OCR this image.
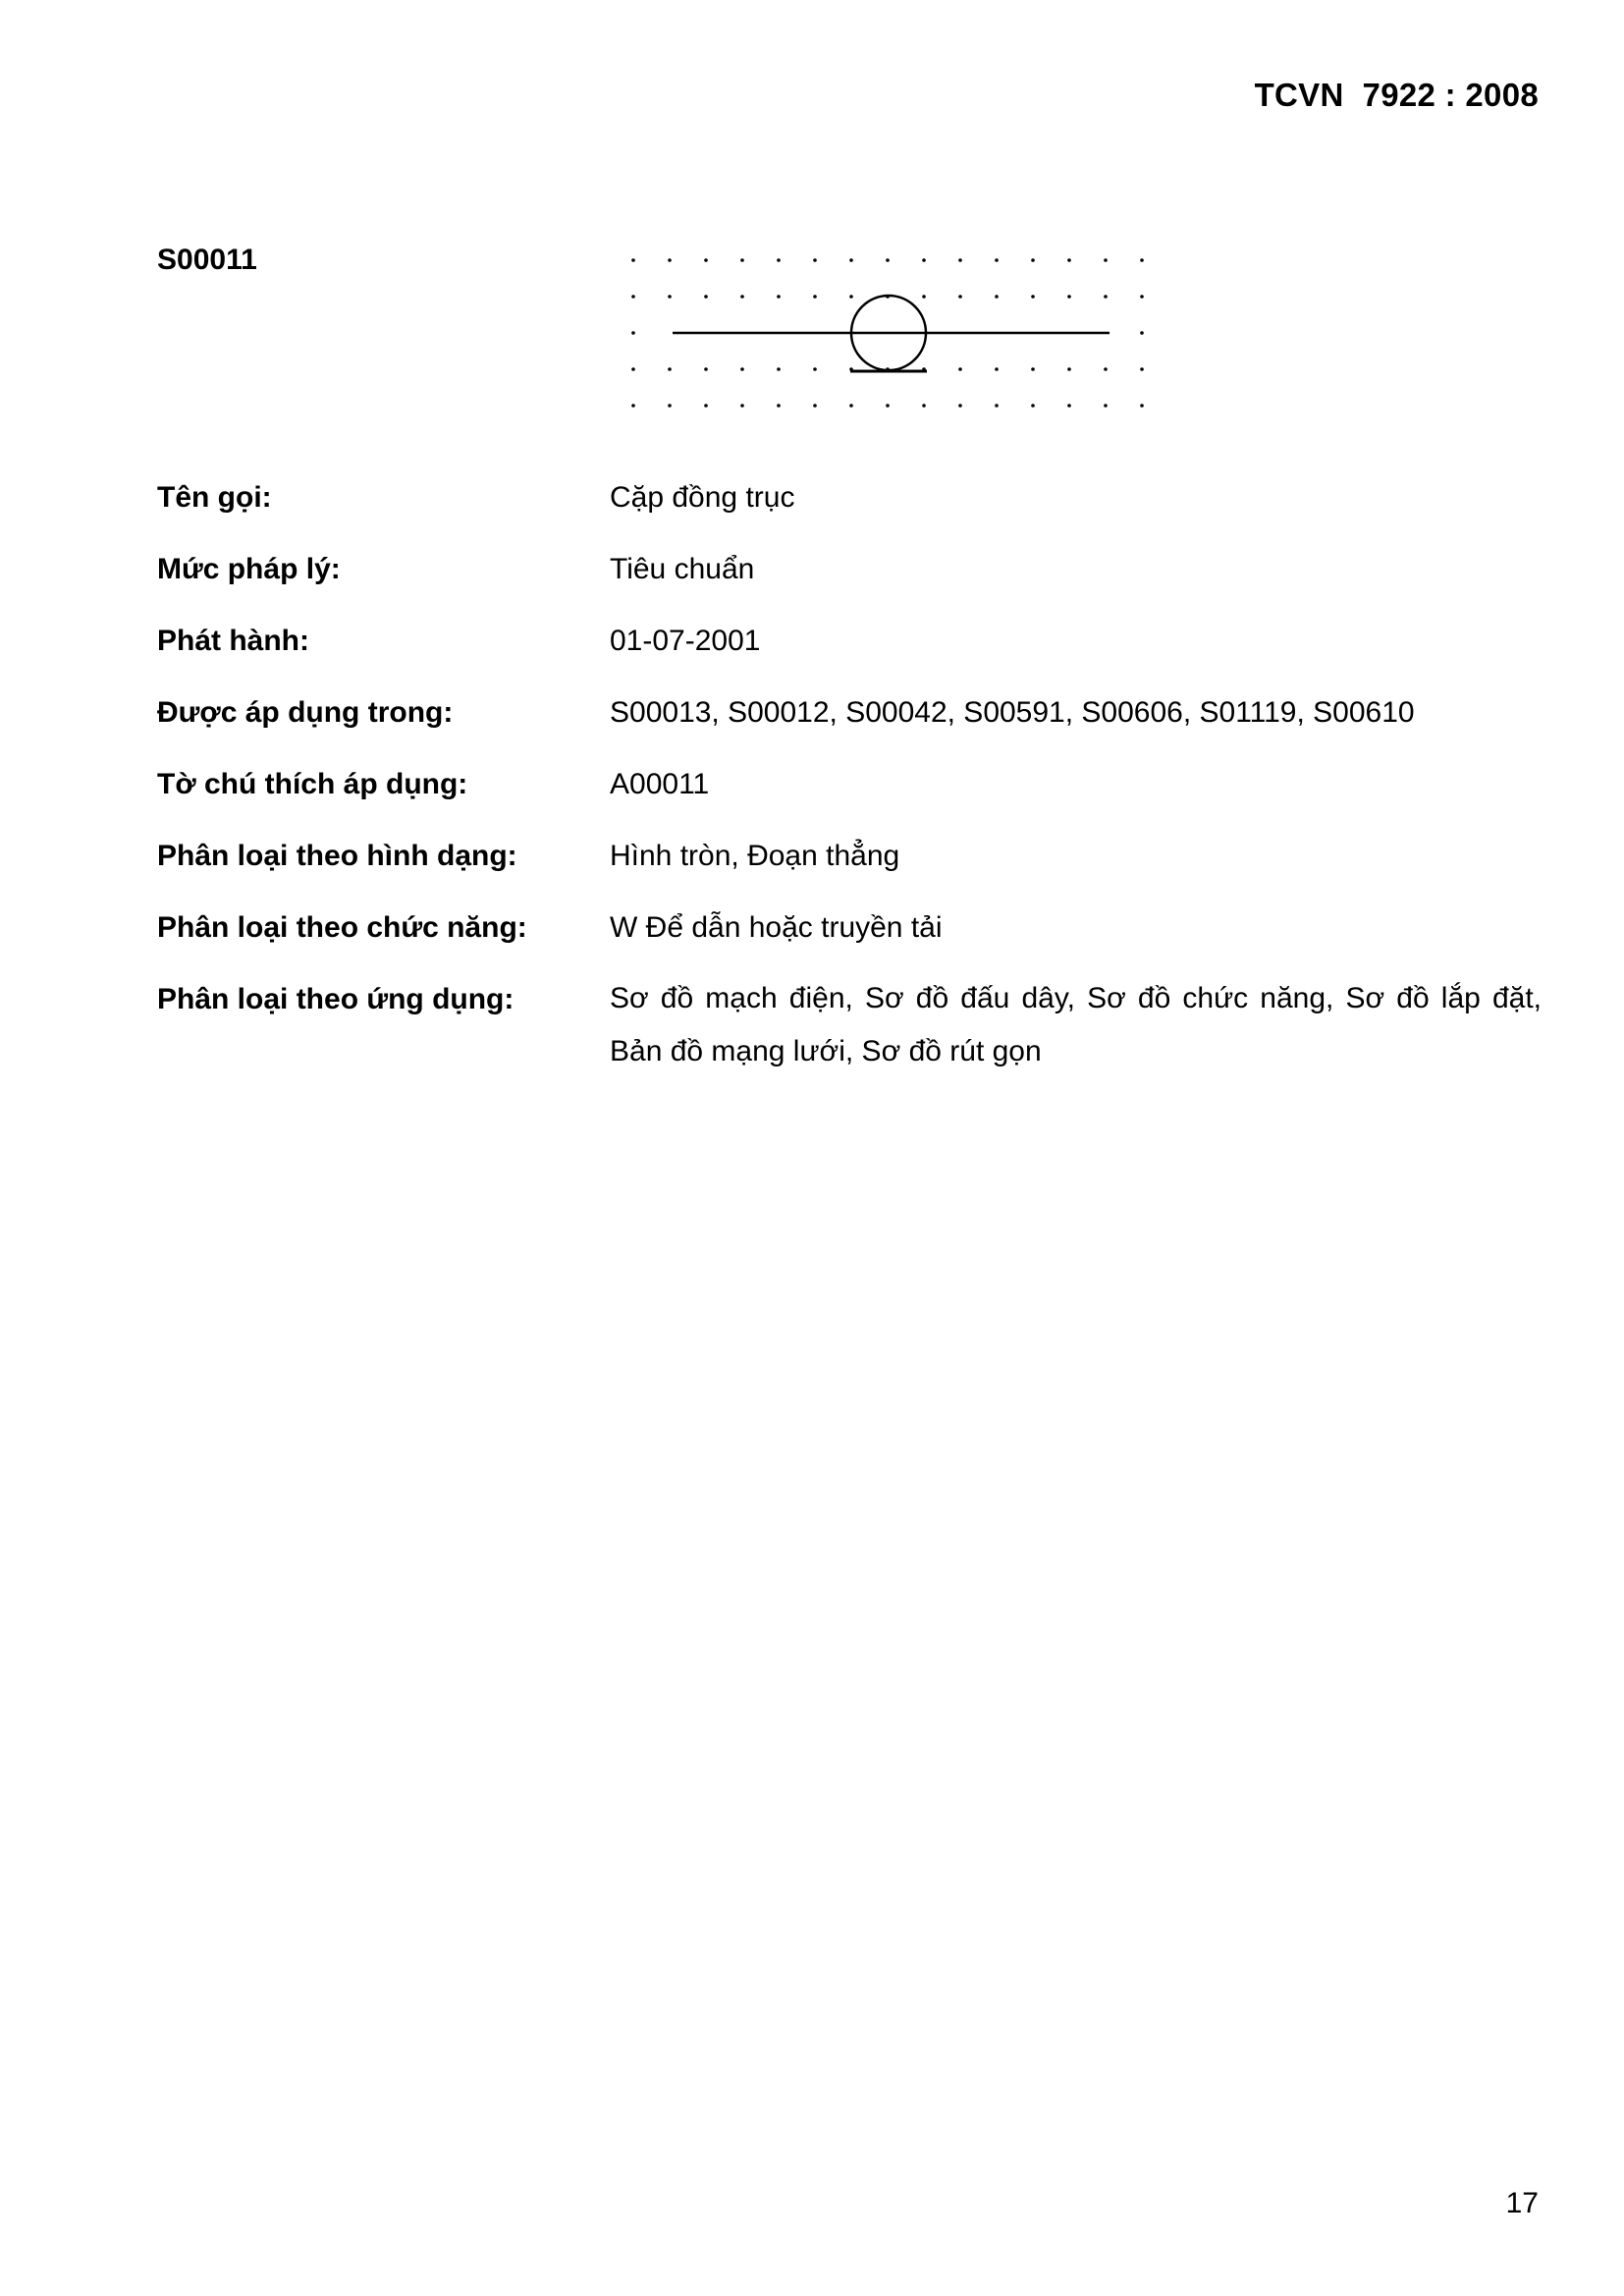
TCVN  7922 : 2008
S00011
Tên gọi:	Cặp đồng trục
Mức pháp lý:	Tiêu chuẩn
Phát hành:	01-07-2001
Được áp dụng trong:	S00013, S00012, S00042, S00591, S00606, S01119, S00610
Tờ chú thích áp dụng:	A00011
Phân loại theo hình dạng:	Hình tròn, Đoạn thẳng
Phân loại theo chức năng:	W Để dẫn hoặc truyền tải
Phân loại theo ứng dụng:	Sơ đồ mạch điện, Sơ đồ đấu dây, Sơ đồ chức năng, Sơ đồ lắp đặt, Bản đồ mạng lưới, Sơ đồ rút gọn
17
